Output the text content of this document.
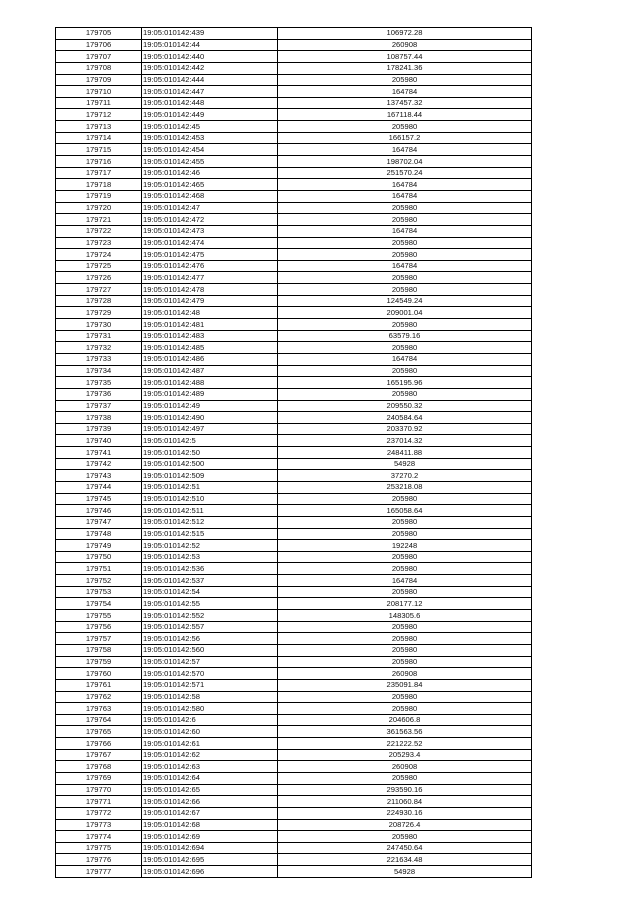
179705	19:05:010142:439	106972.28
179706	19:05:010142:44	260908
179707	19:05:010142:440	108757.44
179708	19:05:010142:442	178241.36
179709	19:05:010142:444	205980
179710	19:05:010142:447	164784
179711	19:05:010142:448	137457.32
179712	19:05:010142:449	167118.44
179713	19:05:010142:45	205980
179714	19:05:010142:453	166157.2
179715	19:05:010142:454	164784
179716	19:05:010142:455	198702.04
179717	19:05:010142:46	251570.24
179718	19:05:010142:465	164784
179719	19:05:010142:468	164784
179720	19:05:010142:47	205980
179721	19:05:010142:472	205980
179722	19:05:010142:473	164784
179723	19:05:010142:474	205980
179724	19:05:010142:475	205980
179725	19:05:010142:476	164784
179726	19:05:010142:477	205980
179727	19:05:010142:478	205980
179728	19:05:010142:479	124549.24
179729	19:05:010142:48	209001.04
179730	19:05:010142:481	205980
179731	19:05:010142:483	63579.16
179732	19:05:010142:485	205980
179733	19:05:010142:486	164784
179734	19:05:010142:487	205980
179735	19:05:010142:488	165195.96
179736	19:05:010142:489	205980
179737	19:05:010142:49	209550.32
179738	19:05:010142:490	240584.64
179739	19:05:010142:497	203370.92
179740	19:05:010142:5	237014.32
179741	19:05:010142:50	248411.88
179742	19:05:010142:500	54928
179743	19:05:010142:509	37270.2
179744	19:05:010142:51	253218.08
179745	19:05:010142:510	205980
179746	19:05:010142:511	165058.64
179747	19:05:010142:512	205980
179748	19:05:010142:515	205980
179749	19:05:010142:52	192248
179750	19:05:010142:53	205980
179751	19:05:010142:536	205980
179752	19:05:010142:537	164784
179753	19:05:010142:54	205980
179754	19:05:010142:55	208177.12
179755	19:05:010142:552	148305.6
179756	19:05:010142:557	205980
179757	19:05:010142:56	205980
179758	19:05:010142:560	205980
179759	19:05:010142:57	205980
179760	19:05:010142:570	260908
179761	19:05:010142:571	235091.84
179762	19:05:010142:58	205980
179763	19:05:010142:580	205980
179764	19:05:010142:6	204606.8
179765	19:05:010142:60	361563.56
179766	19:05:010142:61	221222.52
179767	19:05:010142:62	205293.4
179768	19:05:010142:63	260908
179769	19:05:010142:64	205980
179770	19:05:010142:65	293590.16
179771	19:05:010142:66	211060.84
179772	19:05:010142:67	224930.16
179773	19:05:010142:68	208726.4
179774	19:05:010142:69	205980
179775	19:05:010142:694	247450.64
179776	19:05:010142:695	221634.48
179777	19:05:010142:696	54928
